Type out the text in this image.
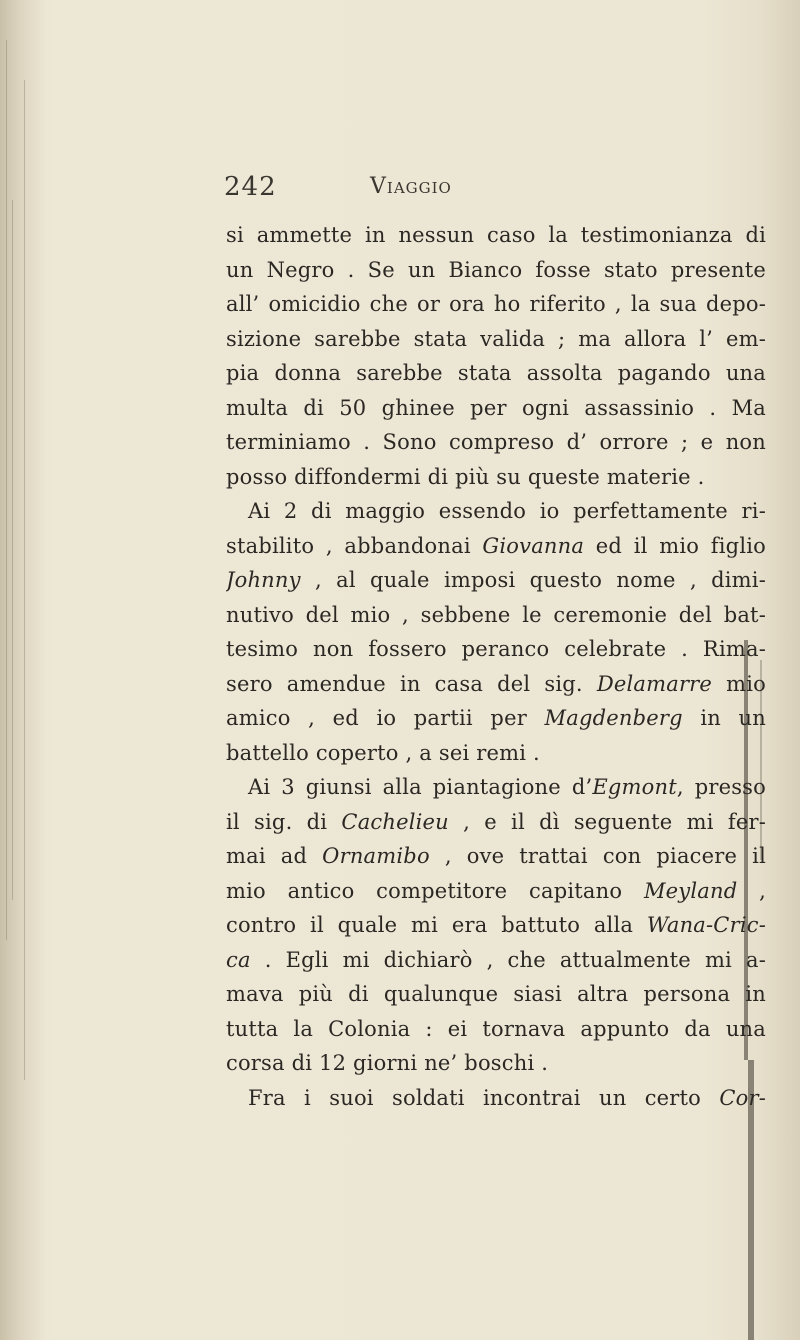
242	Viaggio
si ammette in nessun caso la testimonianza di
un Negro . Se un Bianco fosse stato presente
all’ omicidio che or ora ho riferito , la sua depo-
sizione sarebbe stata valida ; ma allora l’ em-
pia donna sarebbe stata assolta pagando una
multa di 50 ghinee per ogni assassinio . Ma
terminiamo . Sono compreso d’ orrore ; e non
posso diffondermi di più su queste materie .
Ai 2 di maggio essendo io perfettamente ri-
stabilito , abbandonai Giovanna ed il mio figlio
Johnny , al quale imposi questo nome , dimi-
nutivo del mio , sebbene le ceremonie del bat-
tesimo non fossero peranco celebrate . Rima-
sero amendue in casa del sig. Delamarre mio
amico , ed io partii per Magdenberg in un
battello coperto , a sei remi .
Ai 3 giunsi alla piantagione d’Egmont, presso
il sig. di Cachelieu , e il dì seguente mi fer-
mai ad Ornamibo , ove trattai con piacere il
mio antico competitore capitano Meyland ,
contro il quale mi era battuto alla Wana-Cric-
ca . Egli mi dichiarò , che attualmente mi a-
mava più di qualunque siasi altra persona in
tutta la Colonia : ei tornava appunto da una
corsa di 12 giorni ne’ boschi .
Fra i suoi soldati incontrai un certo Cor-
